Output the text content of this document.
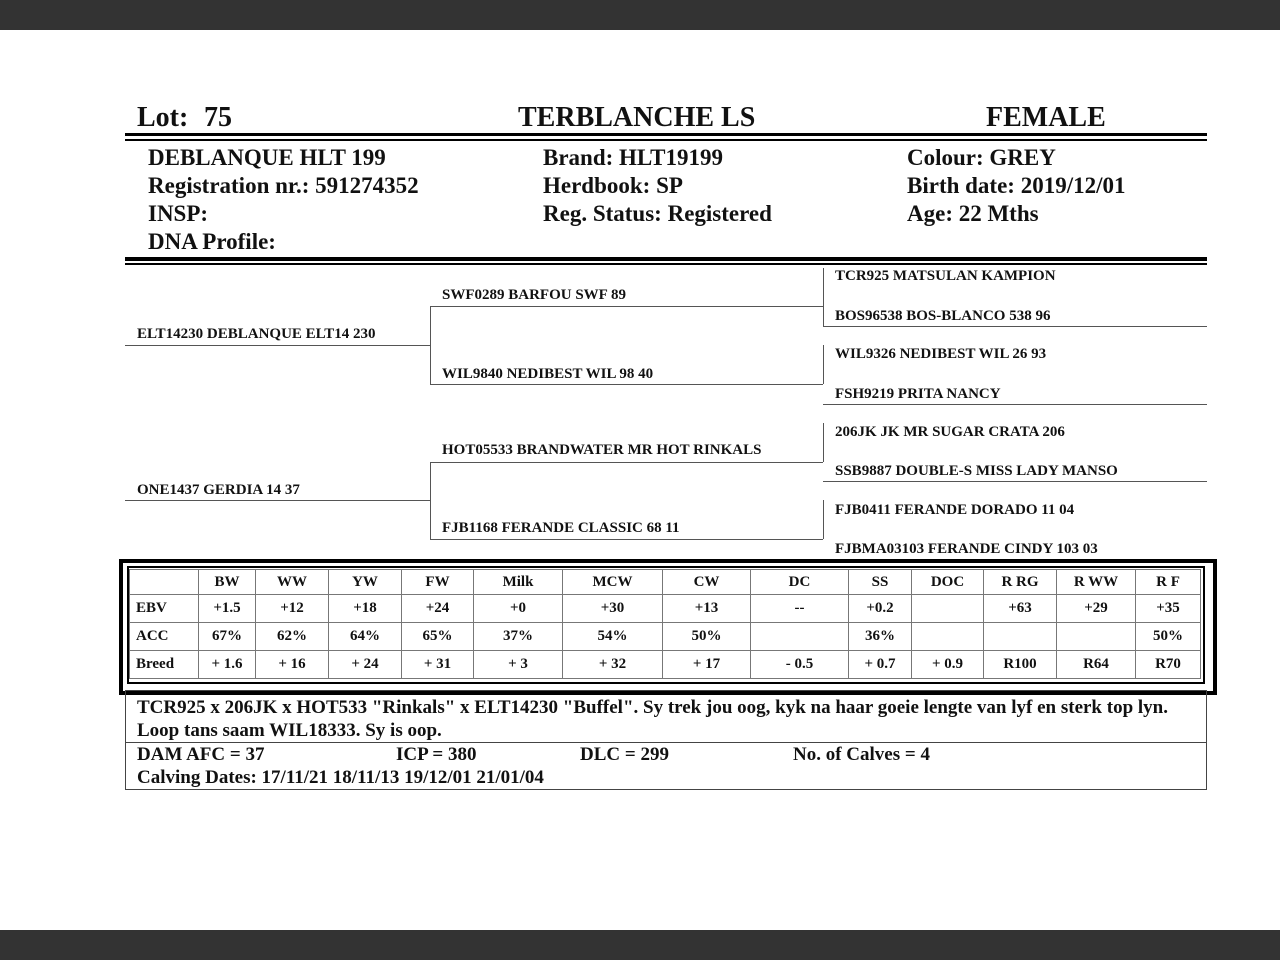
Lot: 75	TERBLANCHE LS	FEMALE
DEBLANQUE HLT 199
Registration nr.: 591274352
INSP:
DNA Profile:
Brand: HLT19199
Herdbook: SP
Reg. Status: Registered
Colour: GREY
Birth date: 2019/12/01
Age: 22 Mths
ELT14230 DEBLANQUE ELT14 230
ONE1437 GERDIA 14 37
SWF0289 BARFOU SWF 89
WIL9840 NEDIBEST WIL 98 40
HOT05533 BRANDWATER MR HOT RINKALS
FJB1168 FERANDE CLASSIC 68 11
TCR925 MATSULAN KAMPION
BOS96538 BOS-BLANCO 538 96
WIL9326 NEDIBEST WIL 26 93
FSH9219 PRITA NANCY
206JK JK MR SUGAR CRATA 206
SSB9887 DOUBLE-S MISS LADY MANSO
FJB0411 FERANDE DORADO 11 04
FJBMA03103 FERANDE CINDY 103 03
	BW	WW	YW	FW	Milk	MCW	CW	DC	SS	DOC	R RG	R WW	R F
EBV	+1.5	+12	+18	+24	+0	+30	+13	--	+0.2		+63	+29	+35
ACC	67%	62%	64%	65%	37%	54%	50%		36%				50%
Breed	+ 1.6	+ 16	+ 24	+ 31	+ 3	+ 32	+ 17	- 0.5	+ 0.7	+ 0.9	R100	R64	R70
TCR925 x 206JK x HOT533 "Rinkals" x ELT14230 "Buffel". Sy trek jou oog, kyk na haar goeie lengte van lyf en sterk top lyn. Loop tans saam WIL18333. Sy is oop.
DAM AFC = 37	ICP = 380	DLC = 299	No. of Calves = 4
Calving Dates: 17/11/21 18/11/13 19/12/01 21/01/04
